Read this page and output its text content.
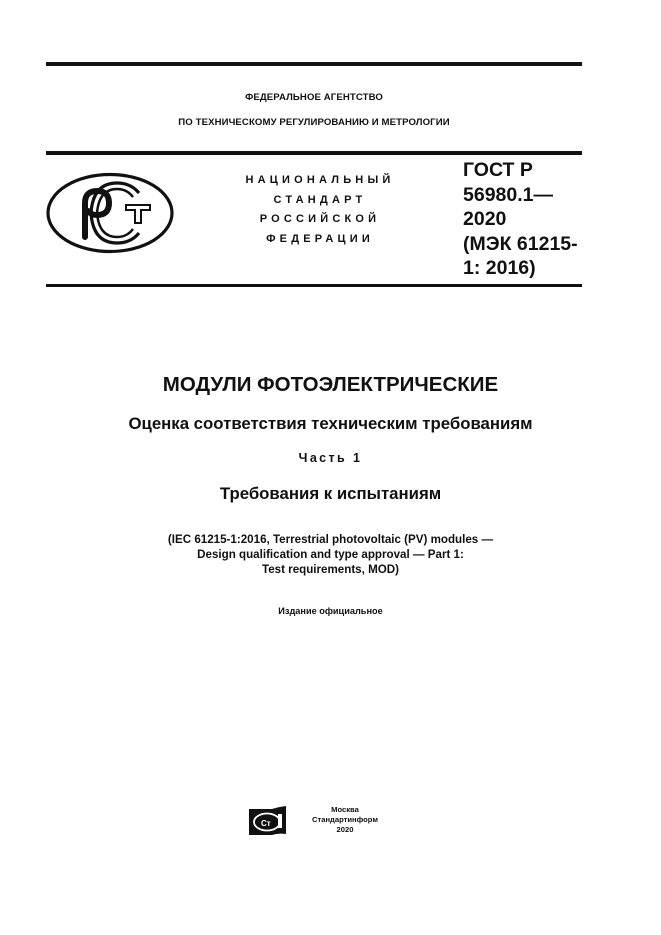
ФЕДЕРАЛЬНОЕ АГЕНТСТВО
ПО ТЕХНИЧЕСКОМУ РЕГУЛИРОВАНИЮ И МЕТРОЛОГИИ
НАЦИОНАЛЬНЫЙ
СТАНДАРТ
РОССИЙСКОЙ
ФЕДЕРАЦИИ
ГОСТ Р
56980.1—
2020
(МЭК 61215-
1: 2016)
МОДУЛИ ФОТОЭЛЕКТРИЧЕСКИЕ
Оценка соответствия техническим требованиям
Часть 1
Требования к испытаниям
(IEC 61215-1:2016, Terrestrial photovoltaic (PV) modules —
Design qualification and type approval — Part 1:
Test requirements, MOD)
Издание официальное
Ст
Москва
Стандартинформ
2020
